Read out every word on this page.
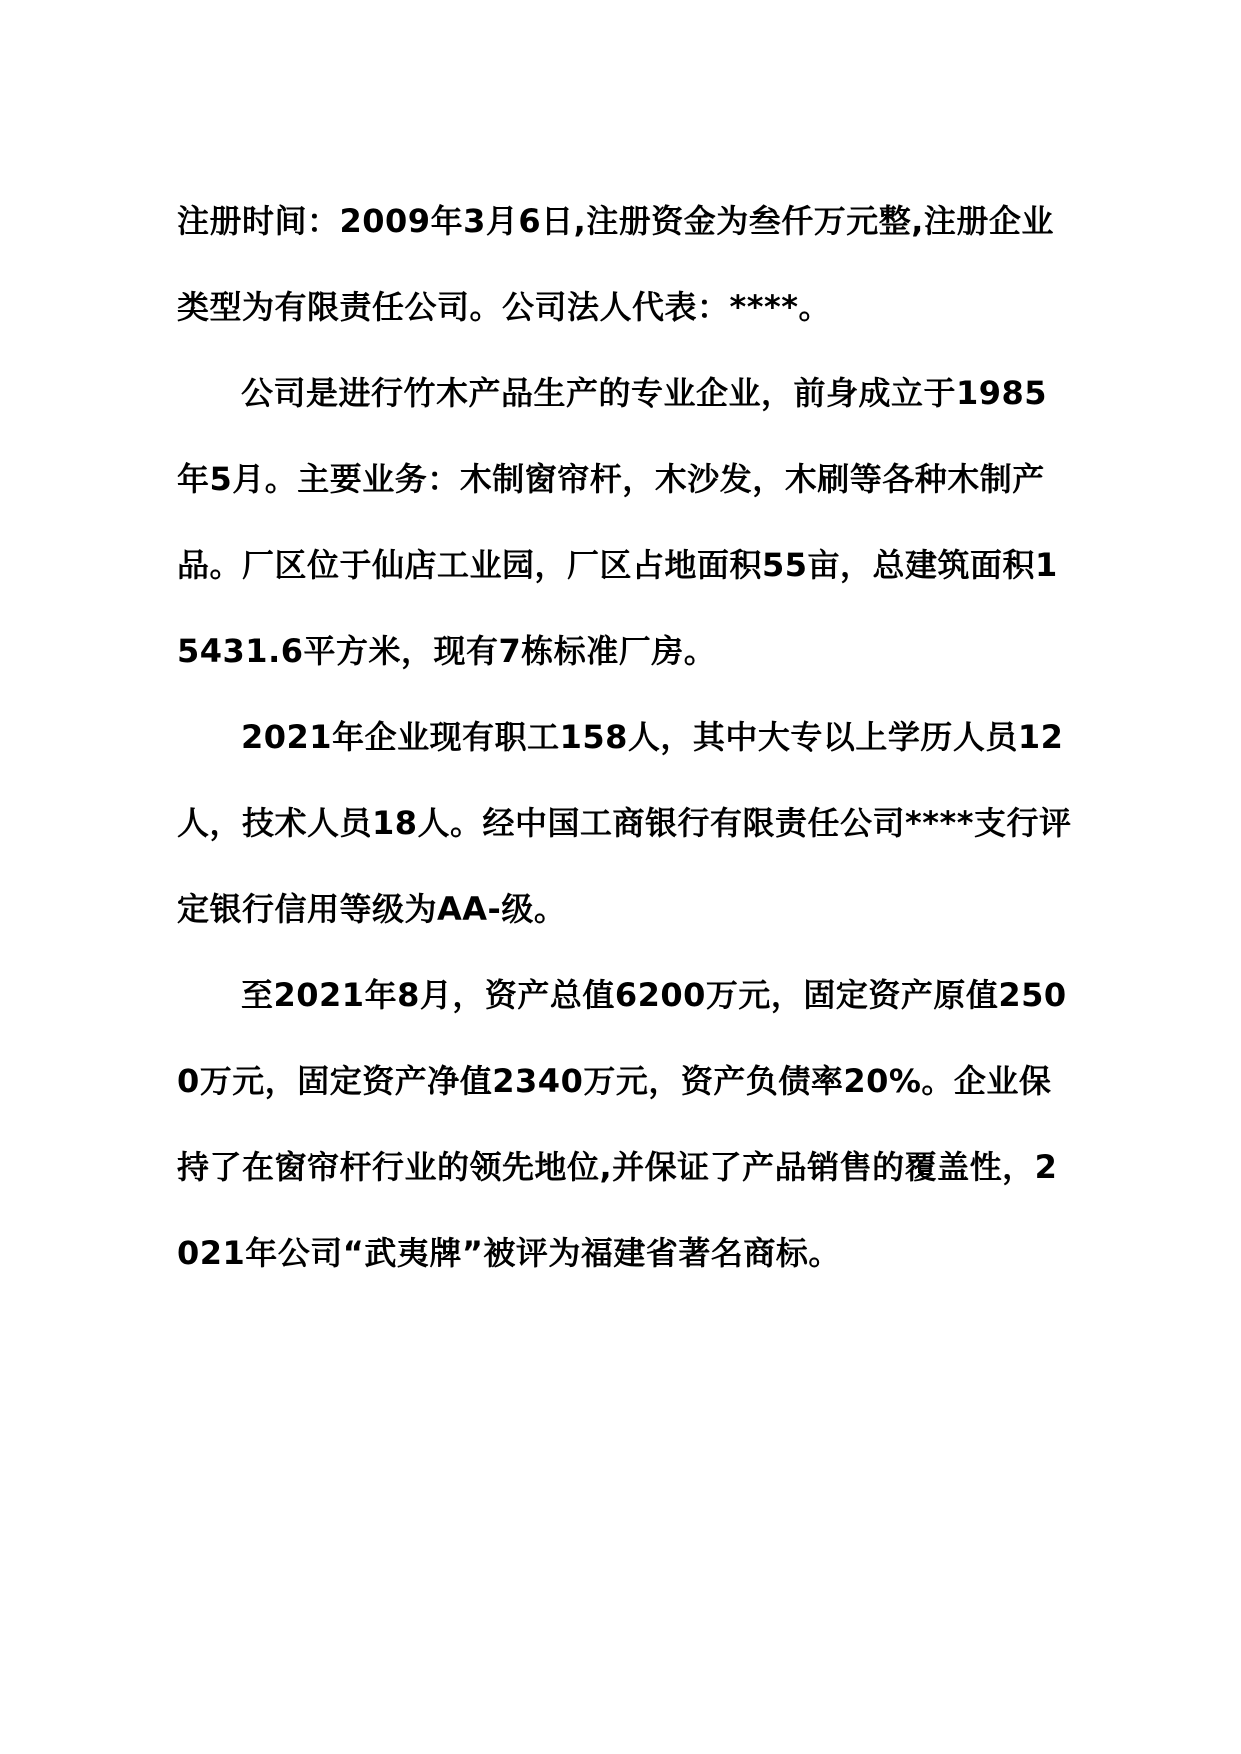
注册时间：2009年3月6日,注册资金为叁仟万元整,注册企业类型为有限责任公司。公司法人代表：****。

公司是进行竹木产品生产的专业企业，前身成立于1985年5月。主要业务：木制窗帘杆，木沙发，木刷等各种木制产品。厂区位于仙店工业园，厂区占地面积55亩，总建筑面积15431.6平方米，现有7栋标准厂房。

2021年企业现有职工158人，其中大专以上学历人员12人，技术人员18人。经中国工商银行有限责任公司****支行评定银行信用等级为AA-级。

至2021年8月，资产总值6200万元，固定资产原值2500万元，固定资产净值2340万元，资产负债率20%。企业保持了在窗帘杆行业的领先地位,并保证了产品销售的覆盖性，2021年公司“武夷牌”被评为福建省著名商标。
